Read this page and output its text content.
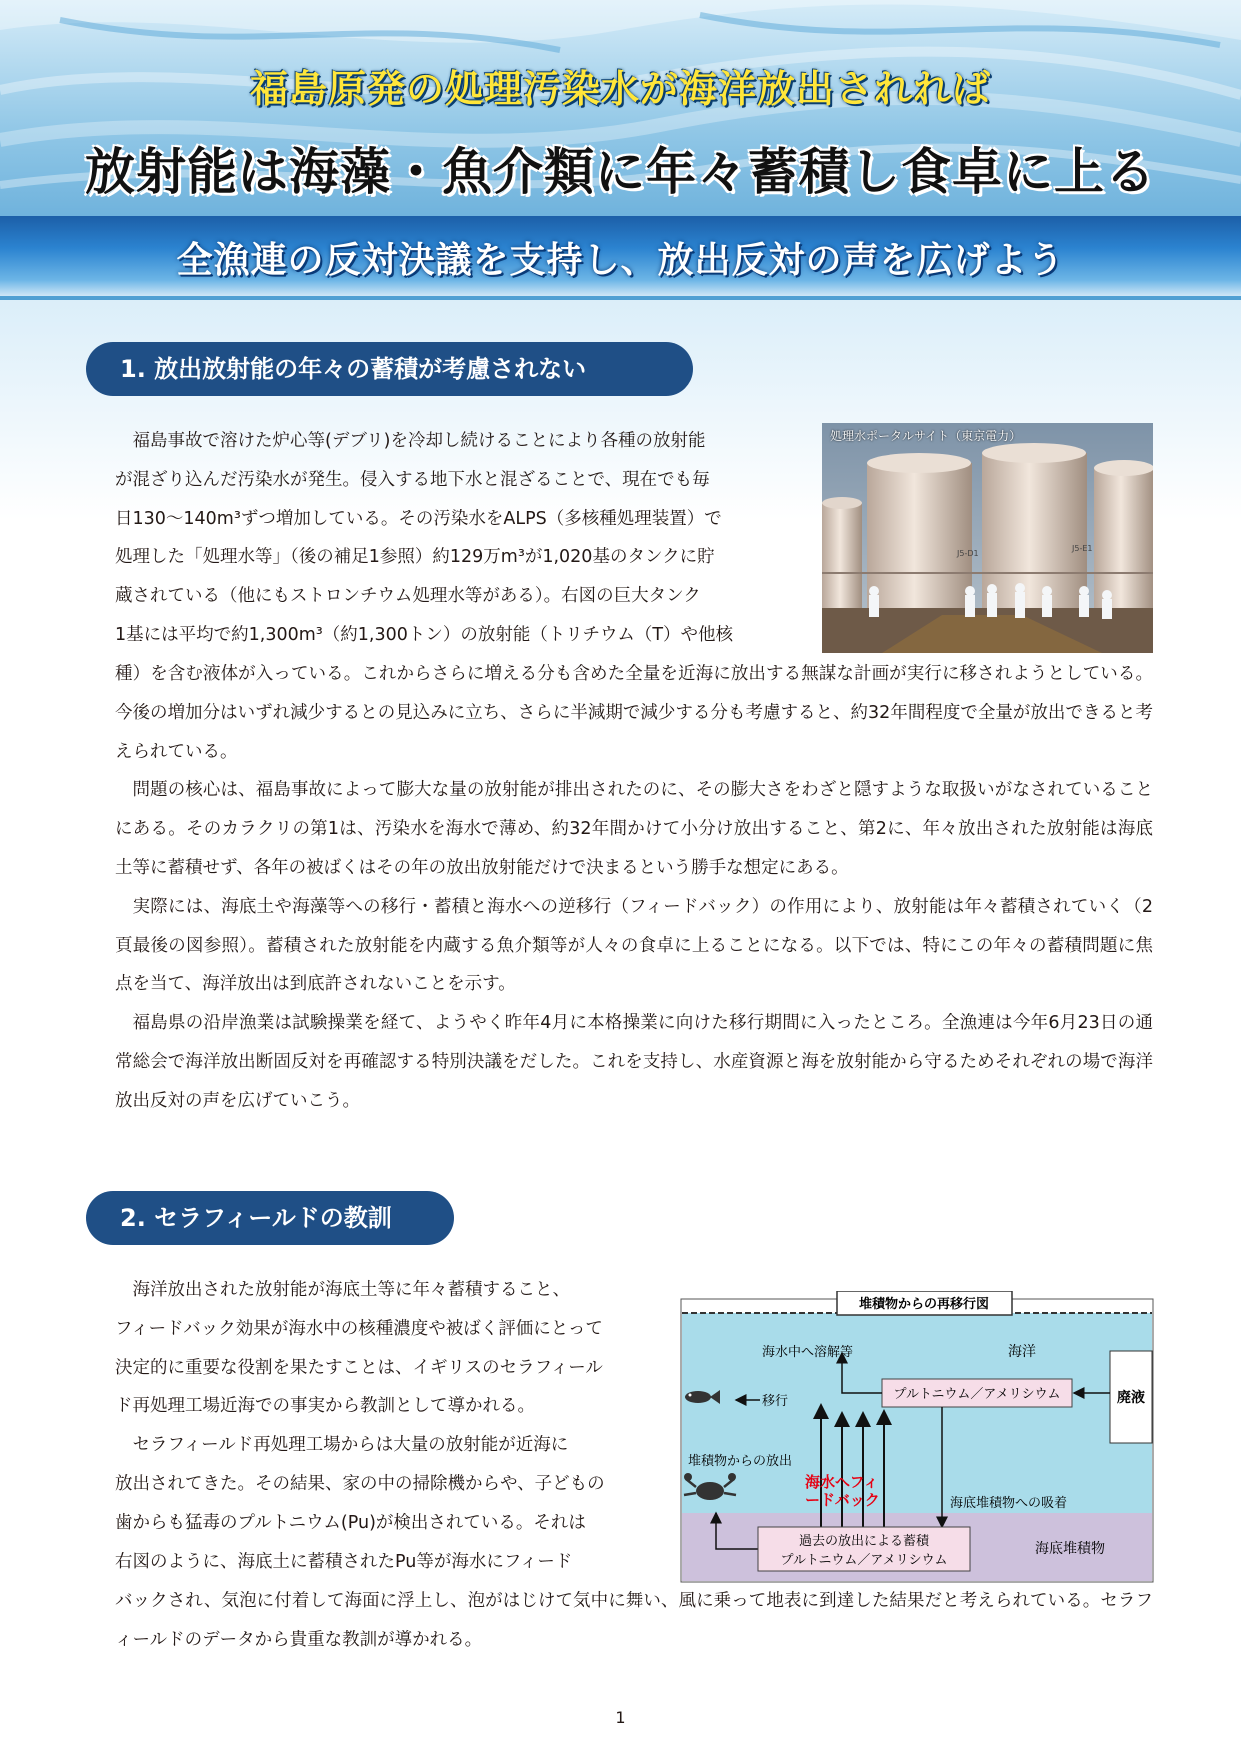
福島原発の処理汚染水が海洋放出されれば
放射能は海藻・魚介類に年々蓄積し食卓に上る
全漁連の反対決議を支持し、放出反対の声を広げよう
1. 放出放射能の年々の蓄積が考慮されない
福島事故で溶けた炉心等(デブリ)を冷却し続けることにより各種の放射能
が混ざり込んだ汚染水が発生。侵入する地下水と混ざることで、現在でも毎
日130〜140m³ずつ増加している。その汚染水をALPS（多核種処理装置）で
処理した「処理水等」（後の補足1参照）約129万m³が1,020基のタンクに貯
蔵されている（他にもストロンチウム処理水等がある）。右図の巨大タンク
1基には平均で約1,300m³（約1,300トン）の放射能（トリチウム（T）や他核
J5-D1
J5-E1
処理水ポータルサイト（東京電力）

種）を含む液体が入っている。これからさらに増える分も含めた全量を近海に放出する無謀な計画が実行に移されようとしている。今後の増加分はいずれ減少するとの見込みに立ち、さらに半減期で減少する分も考慮すると、約32年間程度で全量が放出できると考えられている。

問題の核心は、福島事故によって膨大な量の放射能が排出されたのに、その膨大さをわざと隠すような取扱いがなされていることにある。そのカラクリの第1は、汚染水を海水で薄め、約32年間かけて小分け放出すること、第2に、年々放出された放射能は海底土等に蓄積せず、各年の被ばくはその年の放出放射能だけで決まるという勝手な想定にある。

実際には、海底土や海藻等への移行・蓄積と海水への逆移行（フィードバック）の作用により、放射能は年々蓄積されていく（2頁最後の図参照）。蓄積された放射能を内蔵する魚介類等が人々の食卓に上ることになる。以下では、特にこの年々の蓄積問題に焦点を当て、海洋放出は到底許されないことを示す。

福島県の沿岸漁業は試験操業を経て、ようやく昨年4月に本格操業に向けた移行期間に入ったところ。全漁連は今年6月23日の通常総会で海洋放出断固反対を再確認する特別決議をだした。これを支持し、水産資源と海を放射能から守るためそれぞれの場で海洋放出反対の声を広げていこう。

2. セラフィールドの教訓
海洋放出された放射能が海底土等に年々蓄積すること、
フィードバック効果が海水中の核種濃度や被ばく評価にとって
決定的に重要な役割を果たすことは、イギリスのセラフィール
ド再処理工場近海での事実から教訓として導かれる。
セラフィールド再処理工場からは大量の放射能が近海に
放出されてきた。その結果、家の中の掃除機からや、子どもの
歯からも猛毒のプルトニウム(Pu)が検出されている。それは
右図のように、海底土に蓄積されたPu等が海水にフィード

バックされ、気泡に付着して海面に浮上し、泡がはじけて気中に舞い、風に乗って地表に到達した結果だと考えられている。セラフィールドのデータから貴重な教訓が導かれる。

堆積物からの再移行図
廃液
海洋
海水中へ溶解等
プルトニウム／アメリシウム
移行
堆積物からの放出
海水へフィ
ードバック	海底堆積物への吸着
過去の放出による蓄積
プルトニウム／アメリシウム
海底堆積物
1
